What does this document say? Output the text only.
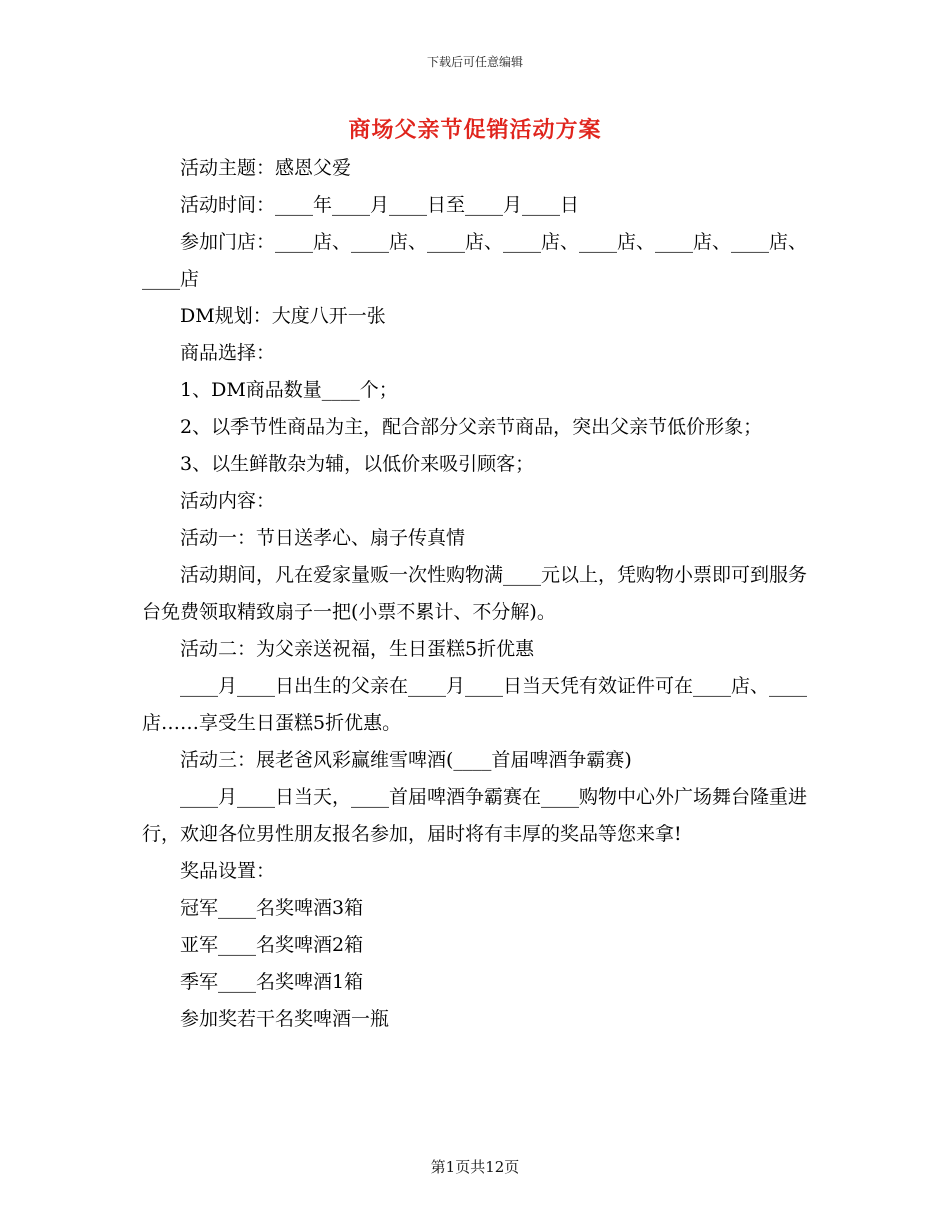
下载后可任意编辑
商场父亲节促销活动方案

活动主题：感恩父爱

活动时间：____年____月____日至____月____日

参加门店：____店、____店、____店、____店、____店、____店、____店、____店

DM规划：大度八开一张

商品选择：

1、DM商品数量____个；

2、以季节性商品为主，配合部分父亲节商品，突出父亲节低价形象；

3、以生鲜散杂为辅，以低价来吸引顾客；

活动内容：

活动一：节日送孝心、扇子传真情

活动期间，凡在爱家量贩一次性购物满____元以上，凭购物小票即可到服务台免费领取精致扇子一把(小票不累计、不分解)。

活动二：为父亲送祝福，生日蛋糕5折优惠

____月____日出生的父亲在____月____日当天凭有效证件可在____店、____店……享受生日蛋糕5折优惠。

活动三：展老爸风彩赢维雪啤酒(____首届啤酒争霸赛)

____月____日当天，____首届啤酒争霸赛在____购物中心外广场舞台隆重进行，欢迎各位男性朋友报名参加，届时将有丰厚的奖品等您来拿!

奖品设置：

冠军____名奖啤酒3箱

亚军____名奖啤酒2箱

季军____名奖啤酒1箱

参加奖若干名奖啤酒一瓶

第1页共12页
